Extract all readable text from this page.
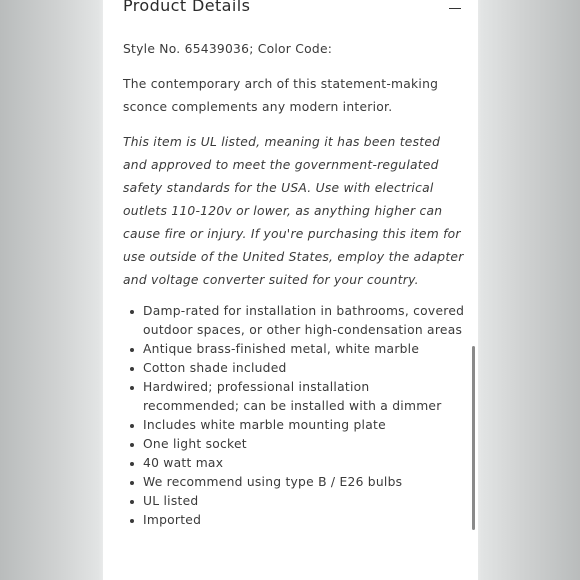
Product Details

Style No. 65439036; Color Code:

The contemporary arch of this statement-making sconce complements any modern interior.

This item is UL listed, meaning it has been tested and approved to meet the government-regulated safety standards for the USA. Use with electrical outlets 110-120v or lower, as anything higher can cause fire or injury. If you're purchasing this item for use outside of the United States, employ the adapter and voltage converter suited for your country.

Damp-rated for installation in bathrooms, covered outdoor spaces, or other high-condensation areas
Antique brass-finished metal, white marble
Cotton shade included
Hardwired; professional installation recommended; can be installed with a dimmer
Includes white marble mounting plate
One light socket
40 watt max
We recommend using type B / E26 bulbs
UL listed
Imported
